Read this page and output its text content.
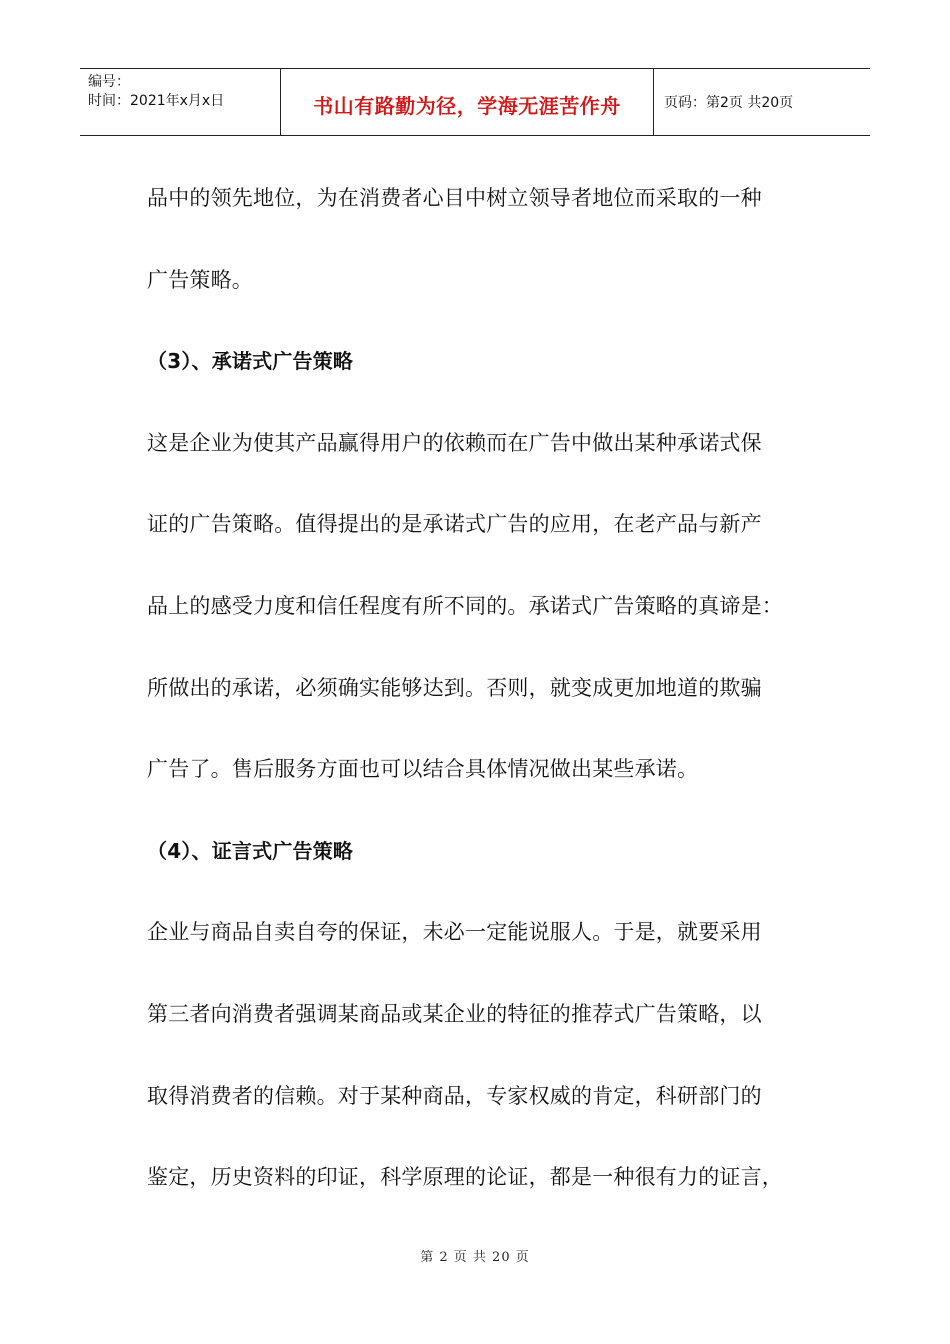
编号：
时间：2021年x月x日	书山有路勤为径，学海无涯苦作舟	页码：第2页 共20页
品中的领先地位，为在消费者心目中树立领导者地位而采取的一种
广告策略。
（3）、承诺式广告策略
这是企业为使其产品赢得用户的依赖而在广告中做出某种承诺式保
证的广告策略。值得提出的是承诺式广告的应用，在老产品与新产
品上的感受力度和信任程度有所不同的。承诺式广告策略的真谛是：
所做出的承诺，必须确实能够达到。否则，就变成更加地道的欺骗
广告了。售后服务方面也可以结合具体情况做出某些承诺。
（4）、证言式广告策略
企业与商品自卖自夸的保证，未必一定能说服人。于是，就要采用
第三者向消费者强调某商品或某企业的特征的推荐式广告策略，以
取得消费者的信赖。对于某种商品，专家权威的肯定，科研部门的
鉴定，历史资料的印证，科学原理的论证，都是一种很有力的证言，
第 2 页 共 20 页
